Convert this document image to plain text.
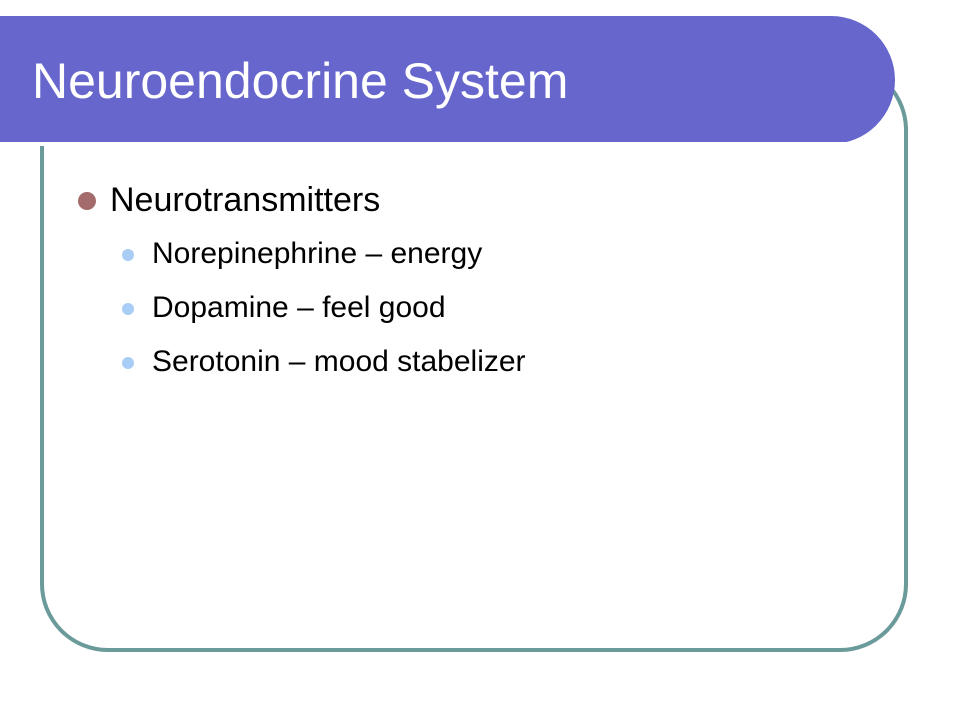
Neuroendocrine System
Neurotransmitters
Norepinephrine – energy
Dopamine – feel good
Serotonin – mood stabelizer
